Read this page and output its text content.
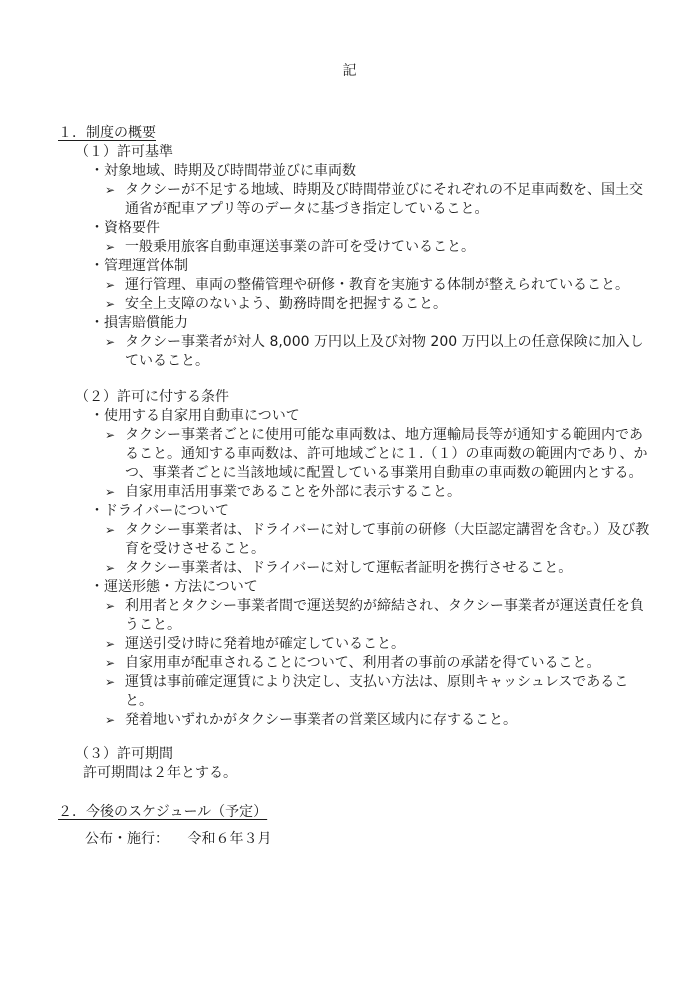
記
１．制度の概要
（１）許可基準
・対象地域、時期及び時間帯並びに車両数
➢ タクシーが不足する地域、時期及び時間帯並びにそれぞれの不足車両数を、国土交通省が配車アプリ等のデータに基づき指定していること。
・資格要件
➢ 一般乗用旅客自動車運送事業の許可を受けていること。
・管理運営体制
➢ 運行管理、車両の整備管理や研修・教育を実施する体制が整えられていること。
➢ 安全上支障のないよう、勤務時間を把握すること。
・損害賠償能力
➢ タクシー事業者が対人 8,000 万円以上及び対物 200 万円以上の任意保険に加入していること。
（２）許可に付する条件
・使用する自家用自動車について
➢ タクシー事業者ごとに使用可能な車両数は、地方運輸局長等が通知する範囲内であること。通知する車両数は、許可地域ごとに１.（１）の車両数の範囲内であり、かつ、事業者ごとに当該地域に配置している事業用自動車の車両数の範囲内とする。
➢ 自家用車活用事業であることを外部に表示すること。
・ドライバーについて
➢ タクシー事業者は、ドライバーに対して事前の研修（大臣認定講習を含む。）及び教育を受けさせること。
➢ タクシー事業者は、ドライバーに対して運転者証明を携行させること。
・運送形態・方法について
➢ 利用者とタクシー事業者間で運送契約が締結され、タクシー事業者が運送責任を負うこと。
➢ 運送引受け時に発着地が確定していること。
➢ 自家用車が配車されることについて、利用者の事前の承諾を得ていること。
➢ 運賃は事前確定運賃により決定し、支払い方法は、原則キャッシュレスであること。
➢ 発着地いずれかがタクシー事業者の営業区域内に存すること。
（３）許可期間
許可期間は２年とする。
２．今後のスケジュール（予定）
公布・施行： 令和６年３月
